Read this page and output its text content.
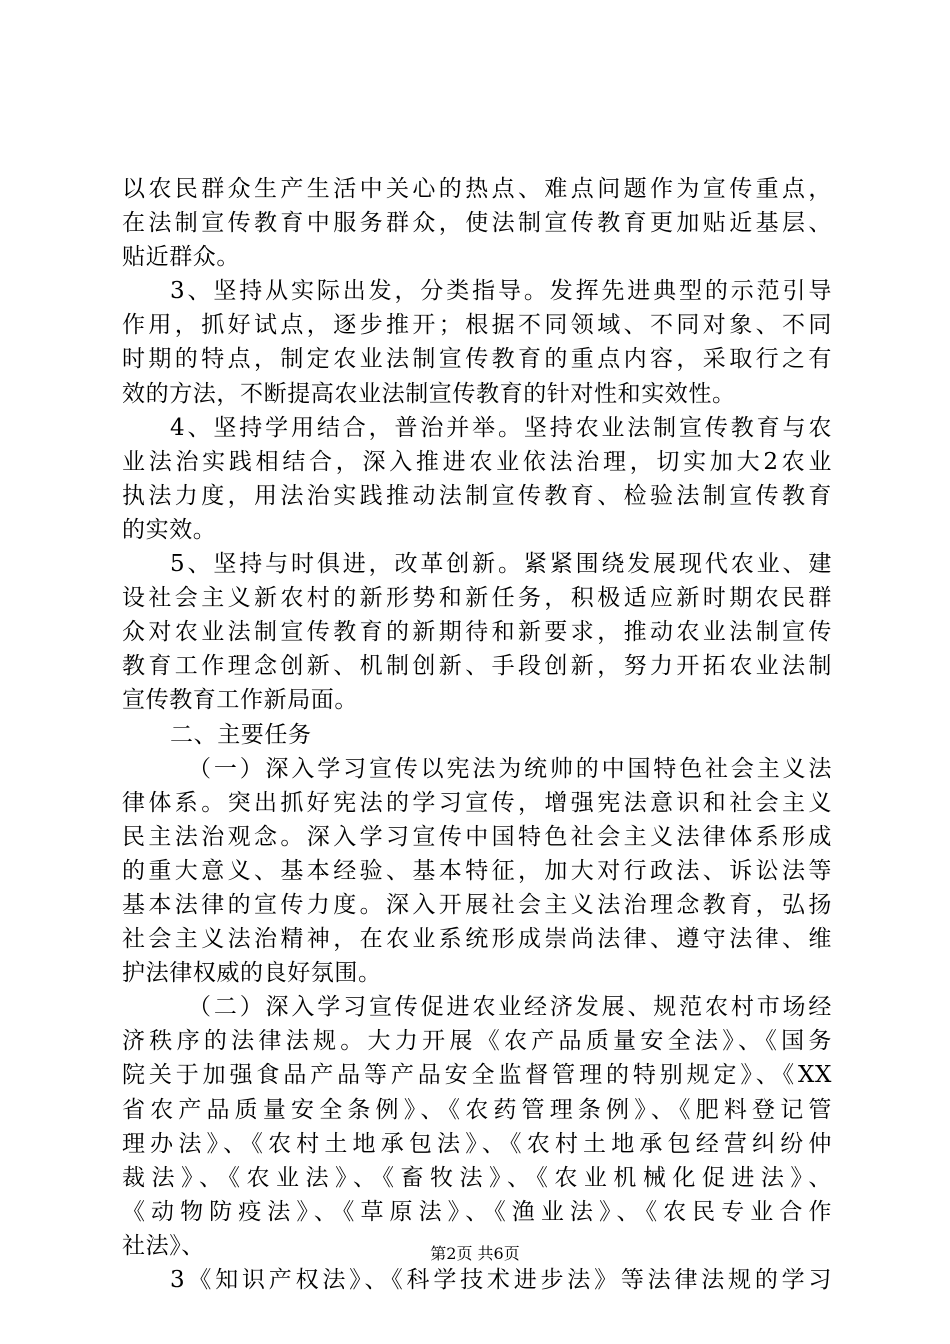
以农民群众生产生活中关心的热点、难点问题作为宣传重点，
在法制宣传教育中服务群众，使法制宣传教育更加贴近基层、
贴近群众。
3、坚持从实际出发，分类指导。发挥先进典型的示范引导
作用，抓好试点，逐步推开；根据不同领域、不同对象、不同
时期的特点，制定农业法制宣传教育的重点内容，采取行之有
效的方法，不断提高农业法制宣传教育的针对性和实效性。
4、坚持学用结合，普治并举。坚持农业法制宣传教育与农
业法治实践相结合，深入推进农业依法治理，切实加大2农业
执法力度，用法治实践推动法制宣传教育、检验法制宣传教育
的实效。
5、坚持与时俱进，改革创新。紧紧围绕发展现代农业、建
设社会主义新农村的新形势和新任务，积极适应新时期农民群
众对农业法制宣传教育的新期待和新要求，推动农业法制宣传
教育工作理念创新、机制创新、手段创新，努力开拓农业法制
宣传教育工作新局面。
二、主要任务
（一）深入学习宣传以宪法为统帅的中国特色社会主义法
律体系。突出抓好宪法的学习宣传，增强宪法意识和社会主义
民主法治观念。深入学习宣传中国特色社会主义法律体系形成
的重大意义、基本经验、基本特征，加大对行政法、诉讼法等
基本法律的宣传力度。深入开展社会主义法治理念教育，弘扬
社会主义法治精神，在农业系统形成崇尚法律、遵守法律、维
护法律权威的良好氛围。
（二）深入学习宣传促进农业经济发展、规范农村市场经
济秩序的法律法规。大力开展《农产品质量安全法》、《国务
院关于加强食品产品等产品安全监督管理的特别规定》、《XX
省农产品质量安全条例》、《农药管理条例》、《肥料登记管
理办法》、《农村土地承包法》、《农村土地承包经营纠纷仲
裁法》、《农业法》、《畜牧法》、《农业机械化促进法》、
《动物防疫法》、《草原法》、《渔业法》、《农民专业合作
社法》、
3《知识产权法》、《科学技术进步法》等法律法规的学习
第2页 共6页
